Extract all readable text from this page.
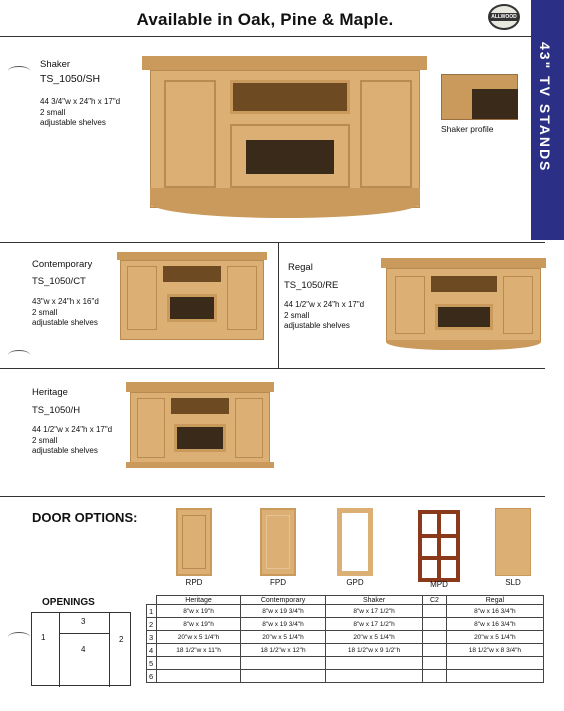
Available in Oak, Pine & Maple.	ALLWOOD
43" TV STANDS
Shaker
TS_1050/SH
44 3/4"w x 24"h x 17"d
2 small
adjustable shelves
Shaker profile
Contemporary
TS_1050/CT
43"w x 24"h x 16"d
2 small
adjustable shelves
Regal
TS_1050/RE
44 1/2"w x 24"h x 17"d
2 small
adjustable shelves
Heritage
TS_1050/H
44 1/2"w x 24"h x 17"d
2 small
adjustable shelves
DOOR OPTIONS:
RPD	FPD	GPD	MPD	SLD
OPENINGS
1	2
3
4
	Heritage	Contemporary	Shaker	C2	Regal
1	8"w x 19"h	8"w x 19 3/4"h	8"w x 17 1/2"h		8"w x 16 3/4"h
2	8"w x 19"h	8"w x 19 3/4"h	8"w x 17 1/2"h		8"w x 16 3/4"h
3	20"w x 5 1/4"h	20"w x 5 1/4"h	20"w x 5 1/4"h		20"w x 5 1/4"h
4	18 1/2"w x 11"h	18 1/2"w x 12"h	18 1/2"w x 9 1/2"h		18 1/2"w x 8 3/4"h
5					
6					
